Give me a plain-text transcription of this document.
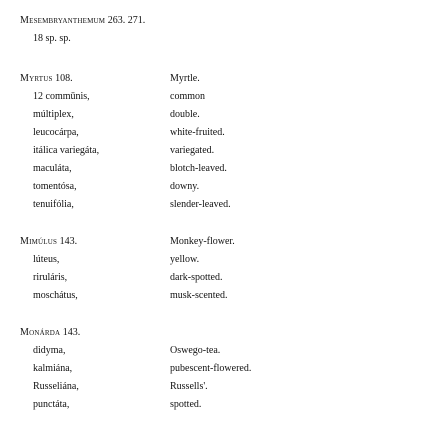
Mesembryanthemum 263. 271.
18 sp. sp.
Myrtus 108.	Myrtle.
12 commūnis,	common
múltiplex,	double.
leucocárpa,	white-fruited.
itálica variegáta,	variegated.
maculáta,	blotch-leaved.
tomentósa,	downy.
tenuifólia,	slender-leaved.
Mimúlus 143.	Monkey-flower.
lúteus,	yellow.
riruláris,	dark-spotted.
moschátus,	musk-scented.
Monárda 143.
didyma,	Oswego-tea.
kalmiána,	pubescent-flowered.
Russeliána,	Russells'.
punctáta,	spotted.
